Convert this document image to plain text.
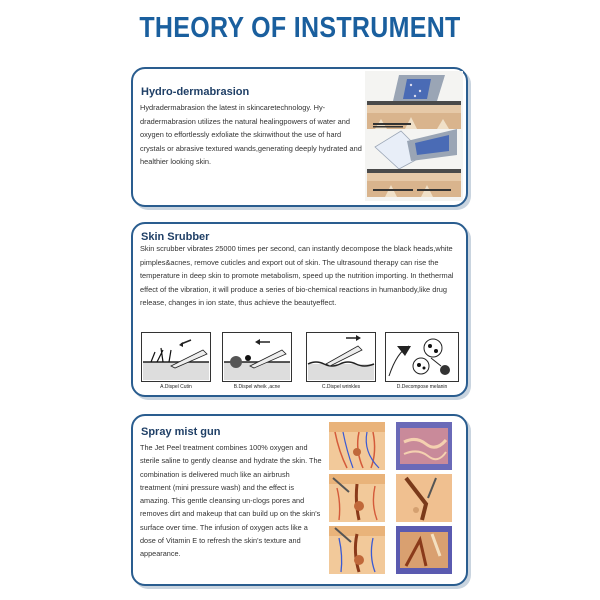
THEORY OF INSTRUMENT
Hydro-dermabrasion

Hydradermabrasion the latest in skincaretechnology. Hy-dradermabrasion utilizes the natural healingpowers of water and oxygen to effortlessly exfoliate the skinwithout the use of hard crystals or abrasive textured wands,generating deeply hydrated and healthier looking skin.

Skin Srubber

Skin scrubber vibrates 25000 times per second, can instantly decompose the black heads,white pimples&acnes, remove cuticles and export out of skin. The ultrasound therapy can rise the temperature in deep skin to promote metabolism, speed up the nutrition importing. In thethermal effect of the vibration, it will produce a series of bio-chemical reactions in humanbody,like drug release, changes in ion state, thus achieve the beautyeffect.

A.Dispel Cutin	B.Dispel wheik ,acne	C.Dispel wrinkles	D.Decompose melanin
Spray mist gun

The Jet Peel treatment combines 100% oxygen and sterile saline to gently cleanse and hydrate the skin. The combination is delivered much like an airbrush treatment (mini pressure wash) and the effect is amazing. This gentle cleansing un-clogs pores and removes dirt and makeup that can build up on the skin's surface over time. The infusion of oxygen acts like a dose of Vitamin E to refresh the skin's texture and appearance.
